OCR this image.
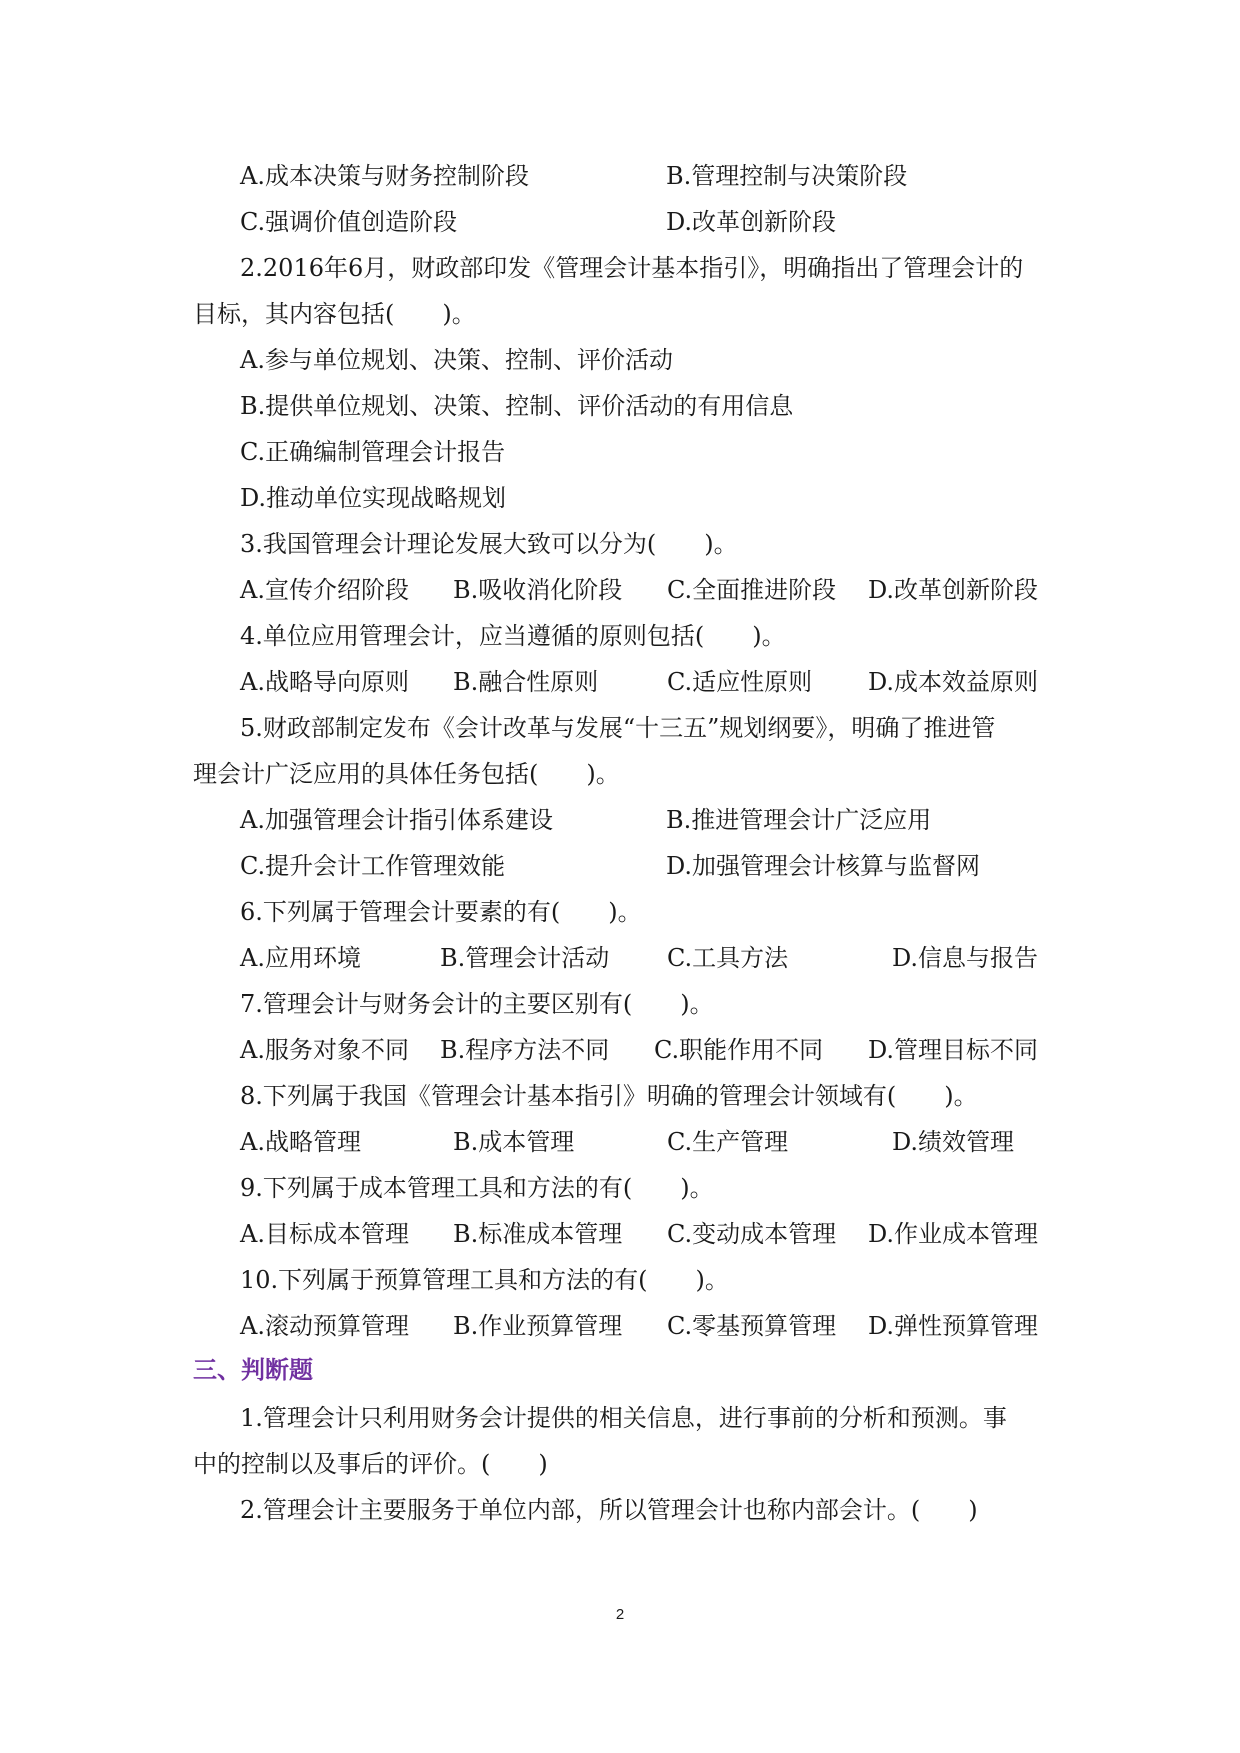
A.成本决策与财务控制阶段	B.管理控制与决策阶段
C.强调价值创造阶段	D.改革创新阶段
2.2016年6月，财政部印发《管理会计基本指引》，明确指出了管理会计的
目标，其内容包括(　　)。
A.参与单位规划、决策、控制、评价活动
B.提供单位规划、决策、控制、评价活动的有用信息
C.正确编制管理会计报告
D.推动单位实现战略规划
3.我国管理会计理论发展大致可以分为(　　)。
A.宣传介绍阶段 B.吸收消化阶段 C.全面推进阶段 D.改革创新阶段
4.单位应用管理会计，应当遵循的原则包括(　　)。
A.战略导向原则 B.融合性原则	C.适应性原则 D.成本效益原则
5.财政部制定发布《会计改革与发展“十三五”规划纲要》，明确了推进管
理会计广泛应用的具体任务包括(　　)。
A.加强管理会计指引体系建设	B.推进管理会计广泛应用
C.提升会计工作管理效能	D.加强管理会计核算与监督网
6.下列属于管理会计要素的有(　　)。
A.应用环境	B.管理会计活动 C.工具方法	D.信息与报告
7.管理会计与财务会计的主要区别有(　　)。
A.服务对象不同 B.程序方法不同 C.职能作用不同 D.管理目标不同
8.下列属于我国《管理会计基本指引》明确的管理会计领域有(　　)。
A.战略管理	B.成本管理	C.生产管理	D.绩效管理
9.下列属于成本管理工具和方法的有(　　)。
A.目标成本管理 B.标准成本管理 C.变动成本管理 D.作业成本管理
10.下列属于预算管理工具和方法的有(　　)。
A.滚动预算管理 B.作业预算管理 C.零基预算管理 D.弹性预算管理
三、判断题
1.管理会计只利用财务会计提供的相关信息，进行事前的分析和预测。事
中的控制以及事后的评价。(　　)
2.管理会计主要服务于单位内部，所以管理会计也称内部会计。(　　)
2
